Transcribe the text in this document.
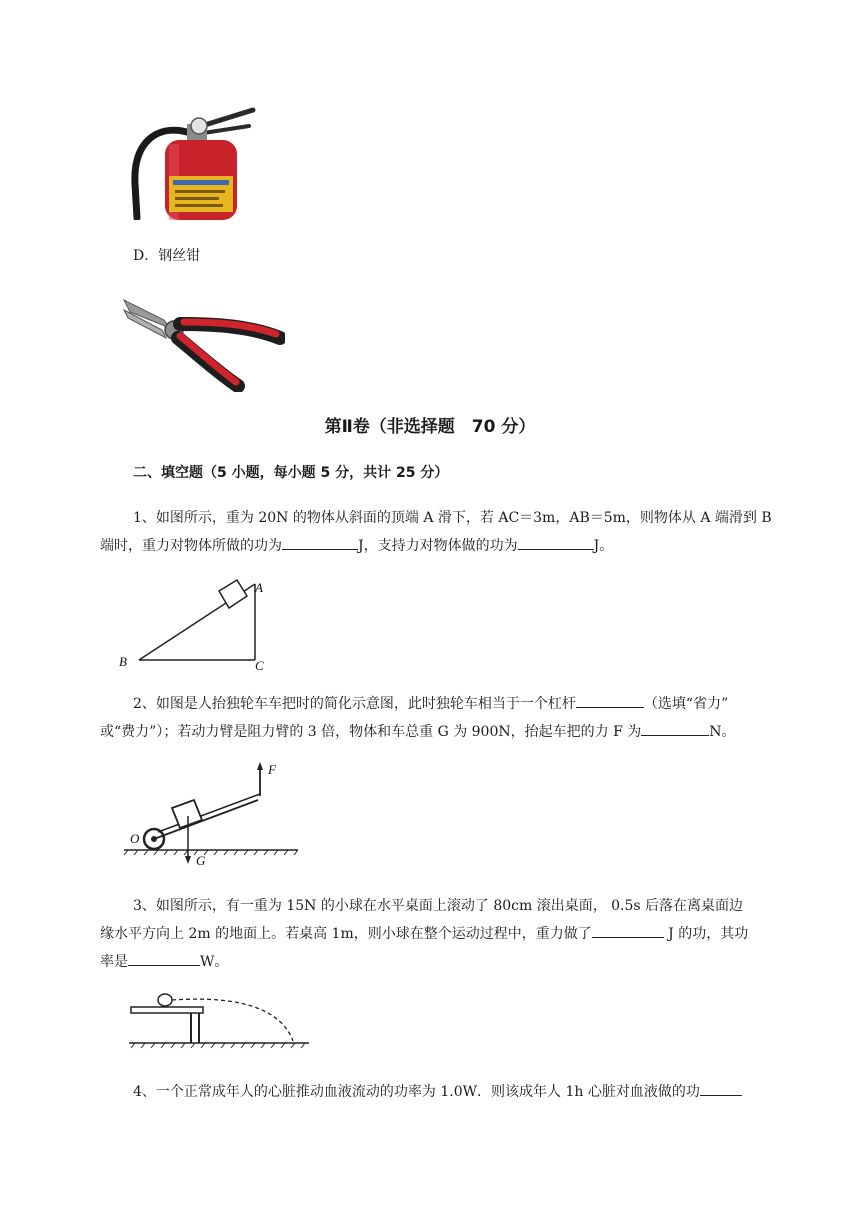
D．钢丝钳
第Ⅱ卷（非选择题　70 分）
二、填空题（5 小题，每小题 5 分，共计 25 分）
1、如图所示，重为 20N 的物体从斜面的顶端 A 滑下，若 AC＝3m，AB＝5m，则物体从 A 端滑到 B
端时，重力对物体所做的功为	J，支持力对物体做的功为	J。
B
A
C
2、如图是人抬独轮车车把时的简化示意图，此时独轮车相当于一个杠杆	（选填“省力”
或“费力”）；若动力臂是阻力臂的 3 倍，物体和车总重 G 为 900N，抬起车把的力 F 为	N。
F
O
G
3、如图所示，有一重为 15N 的小球在水平桌面上滚动了 80cm 滚出桌面， 0.5s 后落在离桌面边
缘水平方向上 2m 的地面上。若桌高 1m，则小球在整个运动过程中，重力做了	J 的功，其功
率是	W。
4、一个正常成年人的心脏推动血液流动的功率为 1.0W．则该成年人 1h 心脏对血液做的功
